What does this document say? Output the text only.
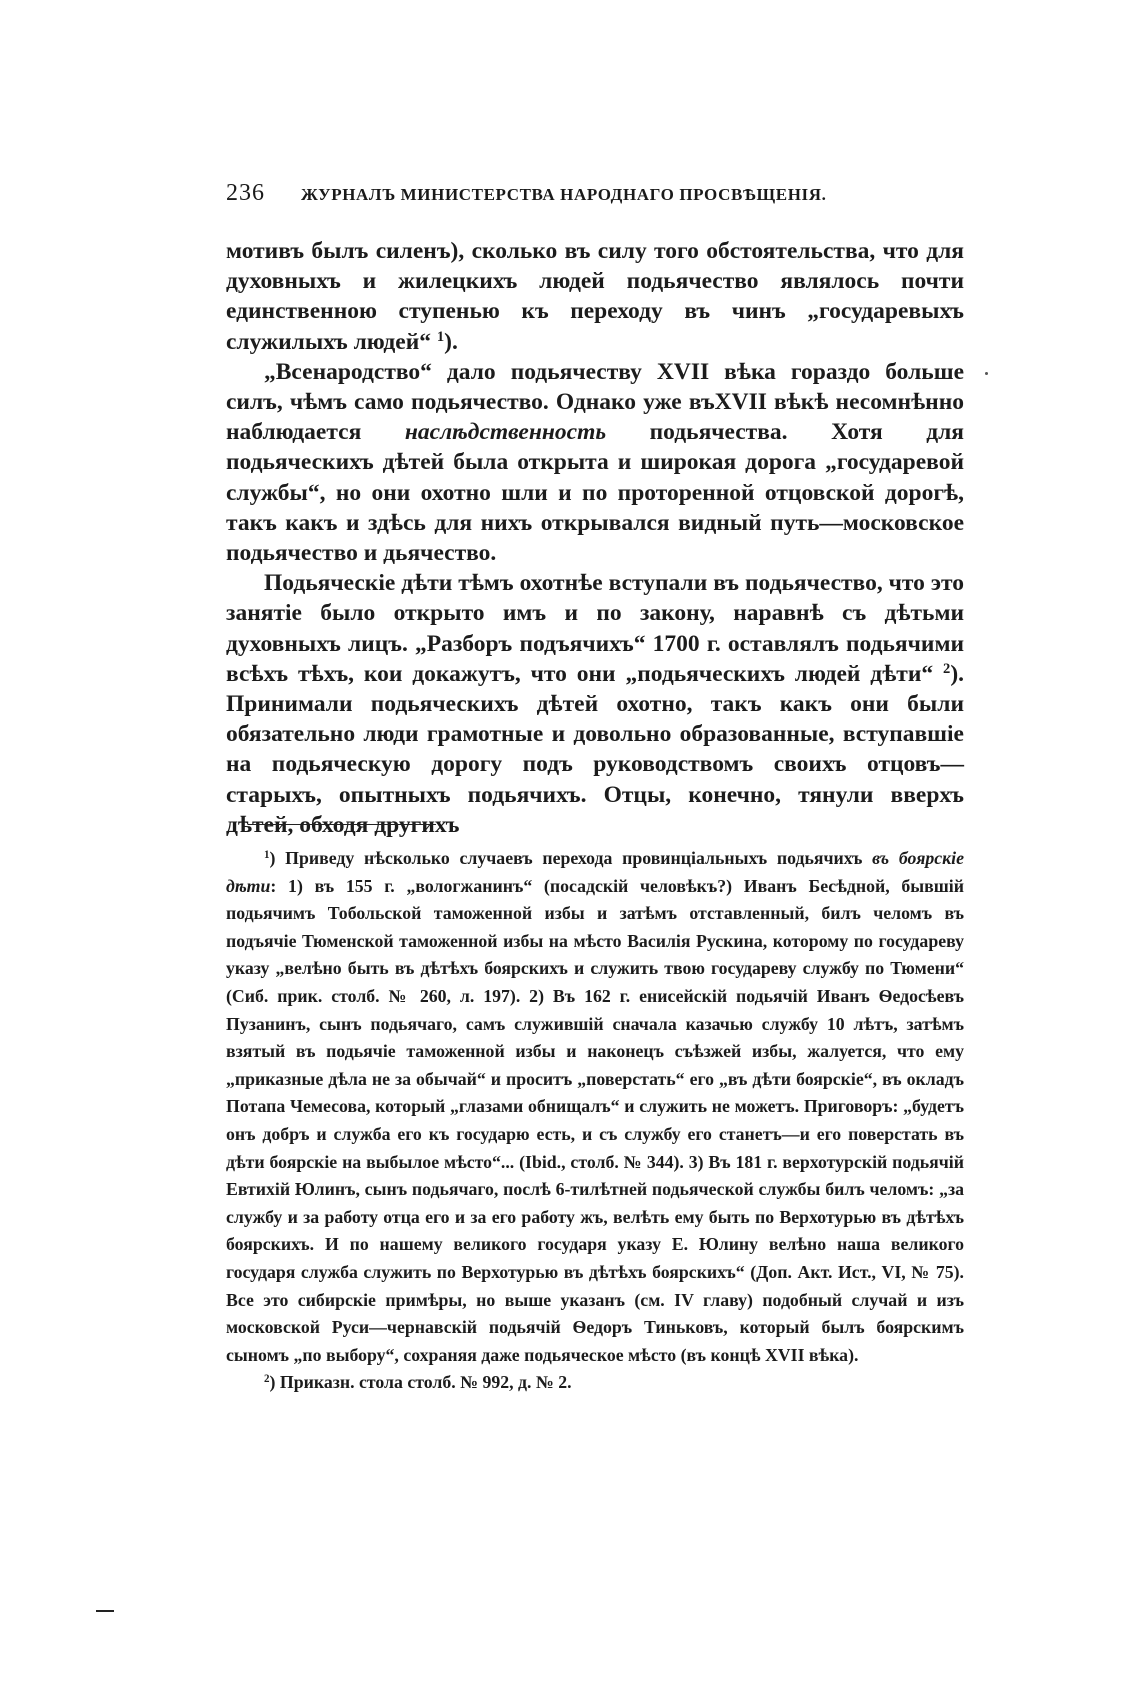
236 ЖУРНАЛЪ МИНИСТЕРСТВА НАРОДНАГО ПРОСВѢЩЕНІЯ.

мотивъ былъ силенъ), сколько въ силу того обстоятельства, что для духовныхъ и жилецкихъ людей подьячество являлось почти единственною ступенью къ переходу въ чинъ „государевыхъ служилыхъ людей“ $^1$).

„Всенародство“ дало подьячеству XVII вѣка гораздо больше силъ, чѣмъ само подьячество. Однако уже въXVII вѣкѣ несомнѣнно наблюдается наслѣдственность подьячества. Хотя для подьяческихъ дѣтей была открыта и широкая дорога „государевой службы“, но они охотно шли и по проторенной отцовской дорогѣ, такъ какъ и здѣсь для нихъ открывался видный путь—московское подьячество и дьячество.

Подьяческіе дѣти тѣмъ охотнѣе вступали въ подьячество, что это занятіе было открыто имъ и по закону, наравнѣ съ дѣтьми духовныхъ лицъ. „Разборъ подъячихъ“ 1700 г. оставлялъ подьячими всѣхъ тѣхъ, кои докажутъ, что они „подьяческихъ людей дѣти“ $^2$). Принимали подьяческихъ дѣтей охотно, такъ какъ они были обязательно люди грамотные и довольно образованные, вступавшіе на подьяческую дорогу подъ руководствомъ своихъ отцовъ—старыхъ, опытныхъ подьячихъ. Отцы, конечно, тянули вверхъ дѣтей, обходя другихъ

$^1$) Приведу нѣсколько случаевъ перехода провинціальныхъ подьячихъ въ боярскіе дѣти: 1) въ 155 г. „вологжанинъ“ (посадскій человѣкъ?) Иванъ Бесѣдной, бывшій подьячимъ Тобольской таможенной избы и затѣмъ отставленный, билъ челомъ въ подъячіе Тюменской таможенной избы на мѣсто Василія Рускина, которому по государеву указу „велѣно быть въ дѣтѣхъ боярскихъ и служить твою государеву службу по Тюмени“ (Сиб. прик. столб. № 260, л. 197). 2) Въ 162 г. енисейскій подьячій Иванъ Ѳедосѣевъ Пузанинъ, сынъ подьячаго, самъ служившій сначала казачью службу 10 лѣтъ, затѣмъ взятый въ подьячіе таможенной избы и наконецъ съѣзжей избы, жалуется, что ему „приказные дѣла не за обычай“ и проситъ „поверстать“ его „въ дѣти боярскіе“, въ окладъ Потапа Чемесова, который „глазами обнищалъ“ и служить не можетъ. Приговоръ: „будетъ онъ добръ и служба его къ государю есть, и съ службу его станетъ—и его поверстать въ дѣти боярскіе на выбылое мѣсто“... (Ibid., столб. № 344). 3) Въ 181 г. верхотурскій подьячій Евтихій Юлинъ, сынъ подьячаго, послѣ 6-тилѣтней подьяческой службы билъ челомъ: „за службу и за работу отца его и за его работу жъ, велѣть ему быть по Верхотурью въ дѣтѣхъ боярскихъ. И по нашему великого государя указу Е. Юлину велѣно наша великого государя служба служить по Верхотурью въ дѣтѣхъ боярскихъ“ (Доп. Акт. Ист., VI, № 75). Все это сибирскіе примѣры, но выше указанъ (см. IV главу) подобный случай и изъ московской Руси—чернавскій подьячій Ѳедоръ Тиньковъ, который былъ боярскимъ сыномъ „по выбору“, сохраняя даже подьяческое мѣсто (въ концѣ XVII вѣка).

$^2$) Приказн. стола столб. № 992, д. № 2.
